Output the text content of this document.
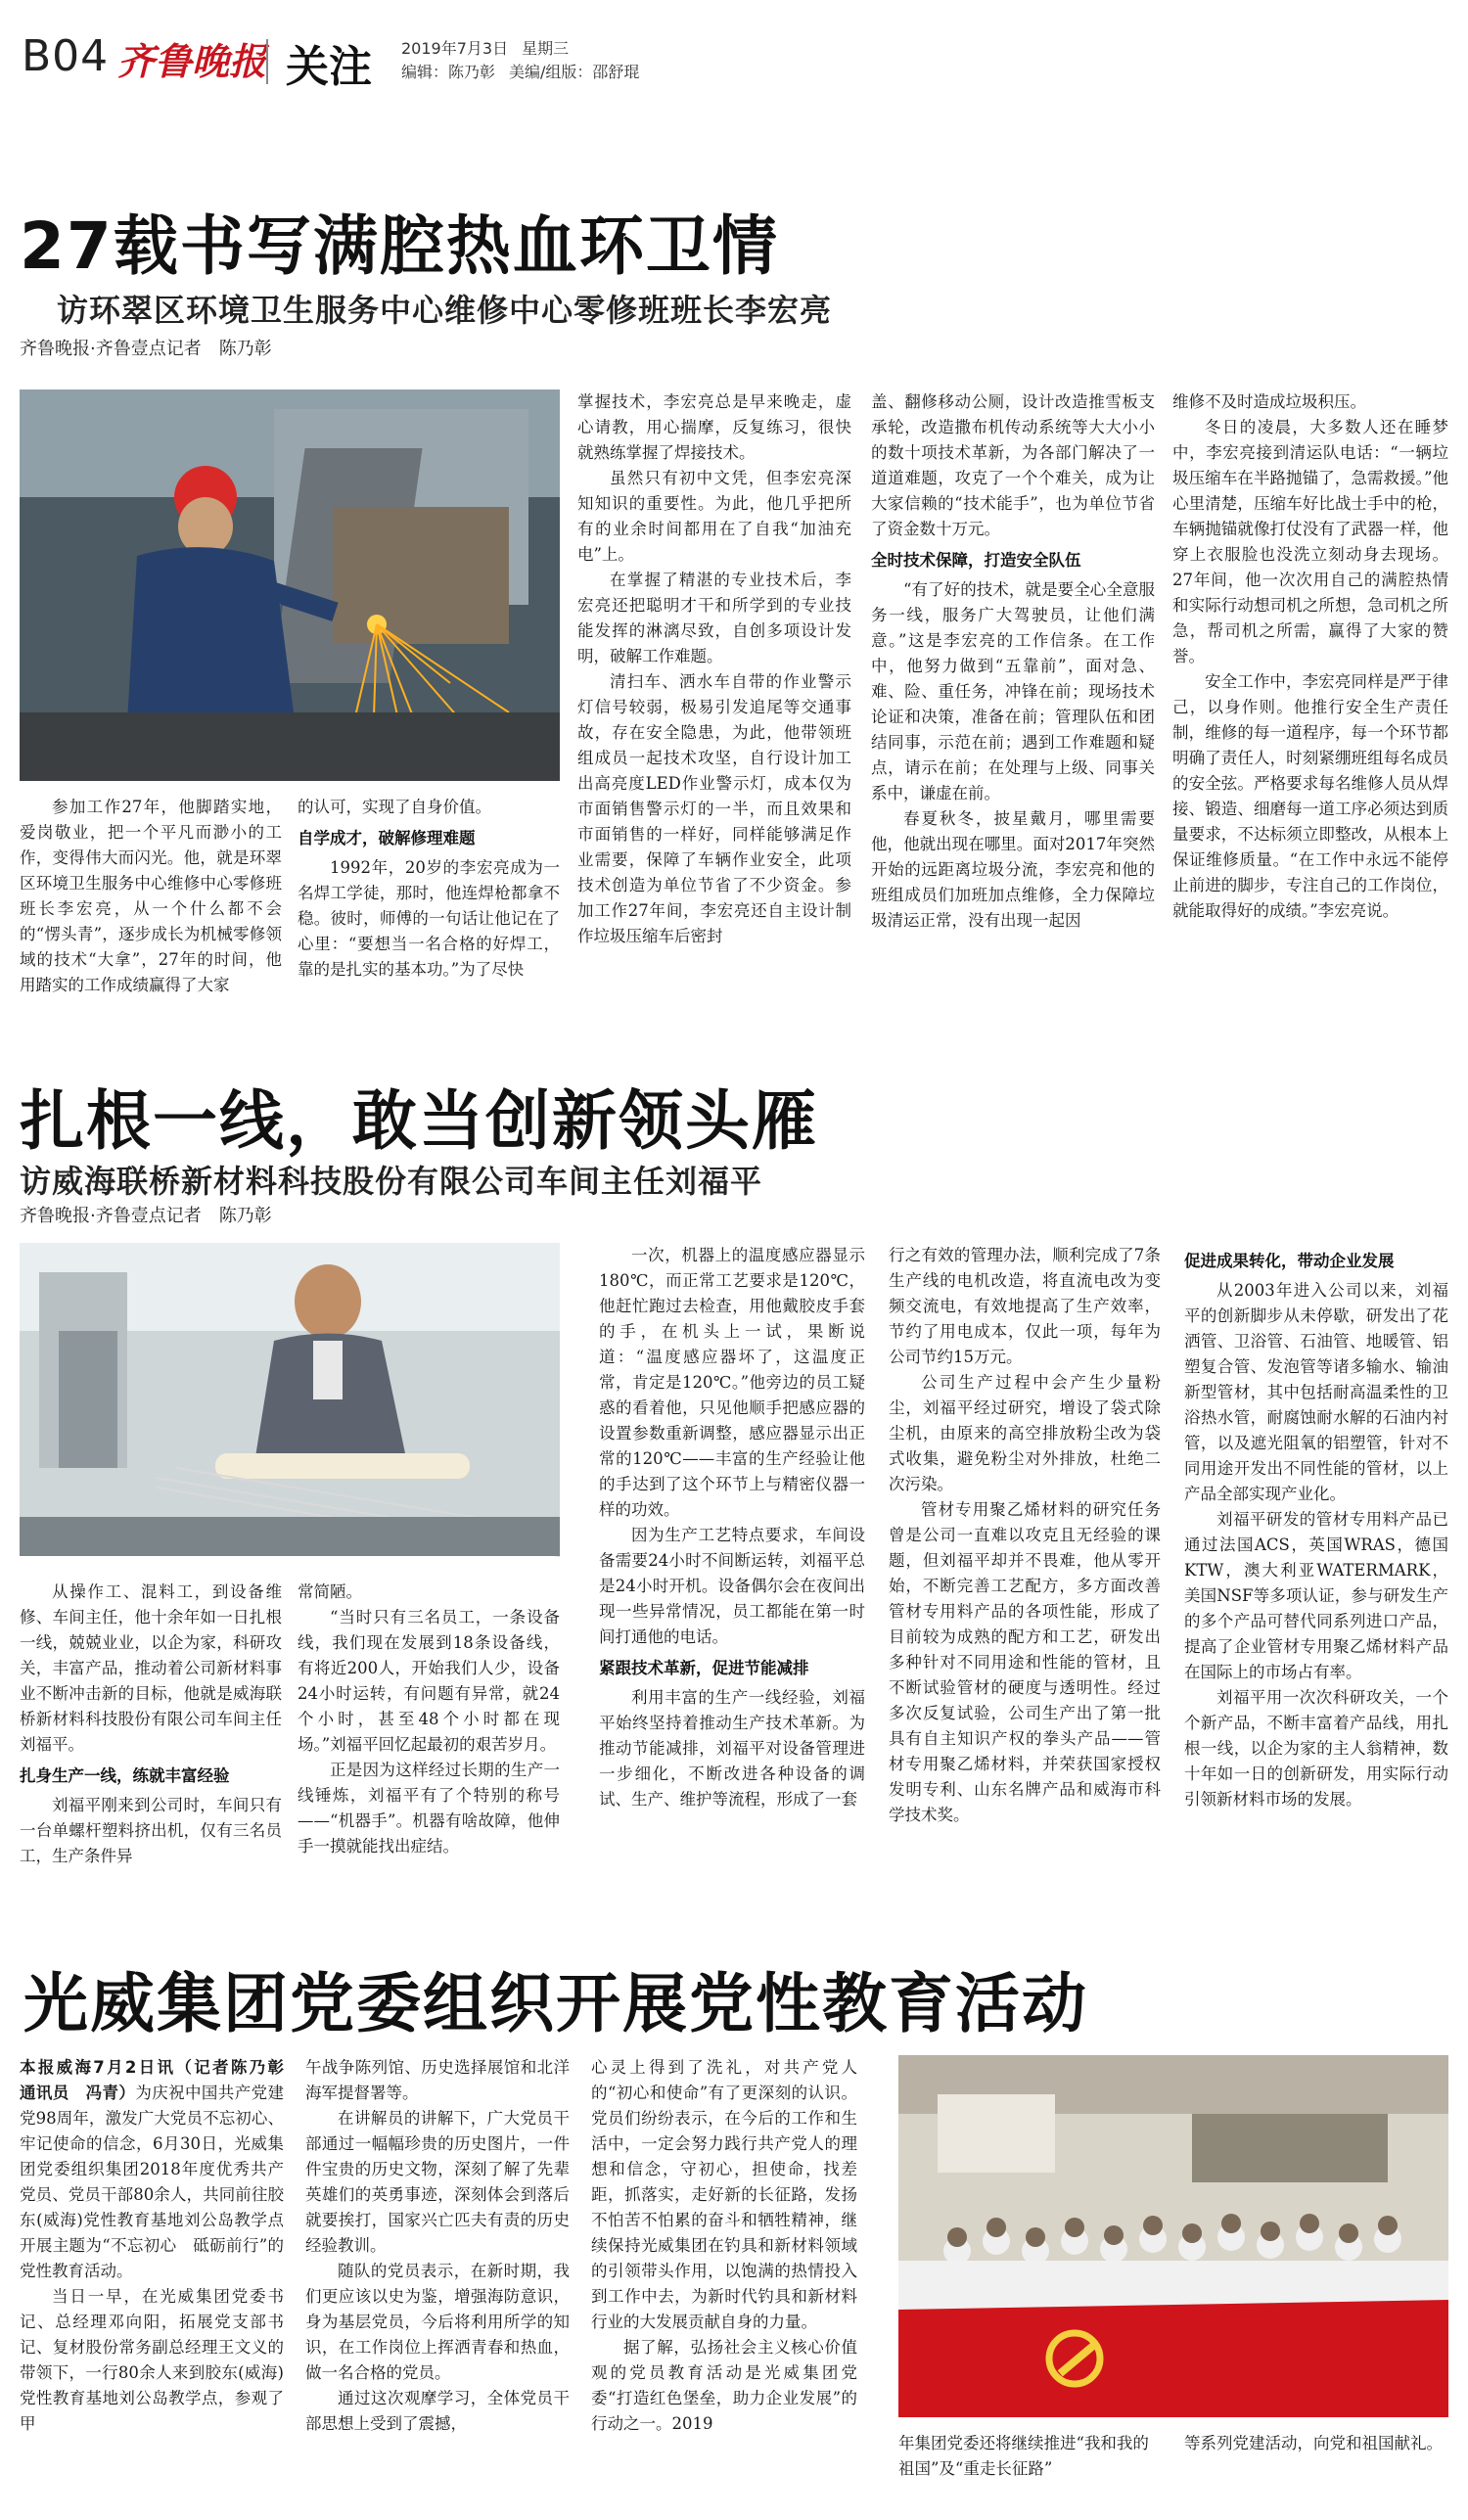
B04 齐鲁晚报 关注 2019年7月3日 星期三
编辑：陈乃彰 美编/组版：邵舒琨
27载书写满腔热血环卫情
访环翠区环境卫生服务中心维修中心零修班班长李宏亮
齐鲁晚报·齐鲁壹点记者　陈乃彰

参加工作27年，他脚踏实地，爱岗敬业，把一个平凡而渺小的工作，变得伟大而闪光。他，就是环翠区环境卫生服务中心维修中心零修班班长李宏亮，从一个什么都不会的“愣头青”，逐步成长为机械零修领域的技术“大拿”，27年的时间，他用踏实的工作成绩赢得了大家

的认可，实现了自身价值。

自学成才，破解修理难题

1992年，20岁的李宏亮成为一名焊工学徒，那时，他连焊枪都拿不稳。彼时，师傅的一句话让他记在了心里：“要想当一名合格的好焊工，靠的是扎实的基本功。”为了尽快

掌握技术，李宏亮总是早来晚走，虚心请教，用心揣摩，反复练习，很快就熟练掌握了焊接技术。

虽然只有初中文凭，但李宏亮深知知识的重要性。为此，他几乎把所有的业余时间都用在了自我“加油充电”上。

在掌握了精湛的专业技术后，李宏亮还把聪明才干和所学到的专业技能发挥的淋漓尽致，自创多项设计发明，破解工作难题。

清扫车、洒水车自带的作业警示灯信号较弱，极易引发追尾等交通事故，存在安全隐患，为此，他带领班组成员一起技术攻坚，自行设计加工出高亮度LED作业警示灯，成本仅为市面销售警示灯的一半，而且效果和市面销售的一样好，同样能够满足作业需要，保障了车辆作业安全，此项技术创造为单位节省了不少资金。参加工作27年间，李宏亮还自主设计制作垃圾压缩车后密封

盖、翻修移动公厕，设计改造推雪板支承轮，改造撒布机传动系统等大大小小的数十项技术革新，为各部门解决了一道道难题，攻克了一个个难关，成为让大家信赖的“技术能手”，也为单位节省了资金数十万元。

全时技术保障，打造安全队伍

“有了好的技术，就是要全心全意服务一线，服务广大驾驶员，让他们满意。”这是李宏亮的工作信条。在工作中，他努力做到“五靠前”，面对急、难、险、重任务，冲锋在前；现场技术论证和决策，准备在前；管理队伍和团结同事，示范在前；遇到工作难题和疑点，请示在前；在处理与上级、同事关系中，谦虚在前。

春夏秋冬，披星戴月，哪里需要他，他就出现在哪里。面对2017年突然开始的远距离垃圾分流，李宏亮和他的班组成员们加班加点维修，全力保障垃圾清运正常，没有出现一起因

维修不及时造成垃圾积压。

冬日的凌晨，大多数人还在睡梦中，李宏亮接到清运队电话：“一辆垃圾压缩车在半路抛锚了，急需救援。”他心里清楚，压缩车好比战士手中的枪，车辆抛锚就像打仗没有了武器一样，他穿上衣服脸也没洗立刻动身去现场。27年间，他一次次用自己的满腔热情和实际行动想司机之所想，急司机之所急，帮司机之所需，赢得了大家的赞誉。

安全工作中，李宏亮同样是严于律己，以身作则。他推行安全生产责任制，维修的每一道程序，每一个环节都明确了责任人，时刻紧绷班组每名成员的安全弦。严格要求每名维修人员从焊接、锻造、细磨每一道工序必须达到质量要求，不达标须立即整改，从根本上保证维修质量。“在工作中永远不能停止前进的脚步，专注自己的工作岗位，就能取得好的成绩。”李宏亮说。

扎根一线，敢当创新领头雁
访威海联桥新材料科技股份有限公司车间主任刘福平
齐鲁晚报·齐鲁壹点记者　陈乃彰

从操作工、混料工，到设备维修、车间主任，他十余年如一日扎根一线，兢兢业业，以企为家，科研攻关，丰富产品，推动着公司新材料事业不断冲击新的目标，他就是威海联桥新材料科技股份有限公司车间主任刘福平。

扎身生产一线，练就丰富经验

刘福平刚来到公司时，车间只有一台单螺杆塑料挤出机，仅有三名员工，生产条件异

常简陋。

“当时只有三名员工，一条设备线，我们现在发展到18条设备线，有将近200人，开始我们人少，设备24小时运转，有问题有异常，就24个小时，甚至48个小时都在现场。”刘福平回忆起最初的艰苦岁月。

正是因为这样经过长期的生产一线锤炼，刘福平有了个特别的称号——“机器手”。机器有啥故障，他伸手一摸就能找出症结。

一次，机器上的温度感应器显示180℃，而正常工艺要求是120℃，他赶忙跑过去检查，用他戴胶皮手套的手，在机头上一试，果断说道：“温度感应器坏了，这温度正常，肯定是120℃。”他旁边的员工疑惑的看着他，只见他顺手把感应器的设置参数重新调整，感应器显示出正常的120℃——丰富的生产经验让他的手达到了这个环节上与精密仪器一样的功效。

因为生产工艺特点要求，车间设备需要24小时不间断运转，刘福平总是24小时开机。设备偶尔会在夜间出现一些异常情况，员工都能在第一时间打通他的电话。

紧跟技术革新，促进节能减排

利用丰富的生产一线经验，刘福平始终坚持着推动生产技术革新。为推动节能减排，刘福平对设备管理进一步细化，不断改进各种设备的调试、生产、维护等流程，形成了一套

行之有效的管理办法，顺利完成了7条生产线的电机改造，将直流电改为变频交流电，有效地提高了生产效率，节约了用电成本，仅此一项，每年为公司节约15万元。

公司生产过程中会产生少量粉尘，刘福平经过研究，增设了袋式除尘机，由原来的高空排放粉尘改为袋式收集，避免粉尘对外排放，杜绝二次污染。

管材专用聚乙烯材料的研究任务曾是公司一直难以攻克且无经验的课题，但刘福平却并不畏难，他从零开始，不断完善工艺配方，多方面改善管材专用料产品的各项性能，形成了目前较为成熟的配方和工艺，研发出多种针对不同用途和性能的管材，且不断试验管材的硬度与透明性。经过多次反复试验，公司生产出了第一批具有自主知识产权的拳头产品——管材专用聚乙烯材料，并荣获国家授权发明专利、山东名牌产品和威海市科学技术奖。

促进成果转化，带动企业发展

从2003年进入公司以来，刘福平的创新脚步从未停歇，研发出了花洒管、卫浴管、石油管、地暖管、铝塑复合管、发泡管等诸多输水、输油新型管材，其中包括耐高温柔性的卫浴热水管，耐腐蚀耐水解的石油内衬管，以及遮光阻氧的铝塑管，针对不同用途开发出不同性能的管材，以上产品全部实现产业化。

刘福平研发的管材专用料产品已通过法国ACS，英国WRAS，德国KTW，澳大利亚WATERMARK，美国NSF等多项认证，参与研发生产的多个产品可替代同系列进口产品，提高了企业管材专用聚乙烯材料产品在国际上的市场占有率。

刘福平用一次次科研攻关，一个个新产品，不断丰富着产品线，用扎根一线，以企为家的主人翁精神，数十年如一日的创新研发，用实际行动引领新材料市场的发展。

光威集团党委组织开展党性教育活动

本报威海7月2日讯（记者陈乃彰　通讯员　冯青）为庆祝中国共产党建党98周年，激发广大党员不忘初心、牢记使命的信念，6月30日，光威集团党委组织集团2018年度优秀共产党员、党员干部80余人，共同前往胶东(威海)党性教育基地刘公岛教学点开展主题为“不忘初心　砥砺前行”的党性教育活动。

当日一早，在光威集团党委书记、总经理邓向阳，拓展党支部书记、复材股份常务副总经理王文义的带领下，一行80余人来到胶东(威海)党性教育基地刘公岛教学点，参观了甲

午战争陈列馆、历史选择展馆和北洋海军提督署等。

在讲解员的讲解下，广大党员干部通过一幅幅珍贵的历史图片，一件件宝贵的历史文物，深刻了解了先辈英雄们的英勇事迹，深刻体会到落后就要挨打，国家兴亡匹夫有责的历史经验教训。

随队的党员表示，在新时期，我们更应该以史为鉴，增强海防意识，身为基层党员，今后将利用所学的知识，在工作岗位上挥洒青春和热血，做一名合格的党员。

通过这次观摩学习，全体党员干部思想上受到了震撼，

心灵上得到了洗礼，对共产党人的“初心和使命”有了更深刻的认识。党员们纷纷表示，在今后的工作和生活中，一定会努力践行共产党人的理想和信念，守初心，担使命，找差距，抓落实，走好新的长征路，发扬不怕苦不怕累的奋斗和牺牲精神，继续保持光威集团在钓具和新材料领域的引领带头作用，以饱满的热情投入到工作中去，为新时代钓具和新材料行业的大发展贡献自身的力量。

据了解，弘扬社会主义核心价值观的党员教育活动是光威集团党委“打造红色堡垒，助力企业发展”的行动之一。2019

年集团党委还将继续推进“我和我的祖国”及“重走长征路”
等系列党建活动，向党和祖国献礼。
